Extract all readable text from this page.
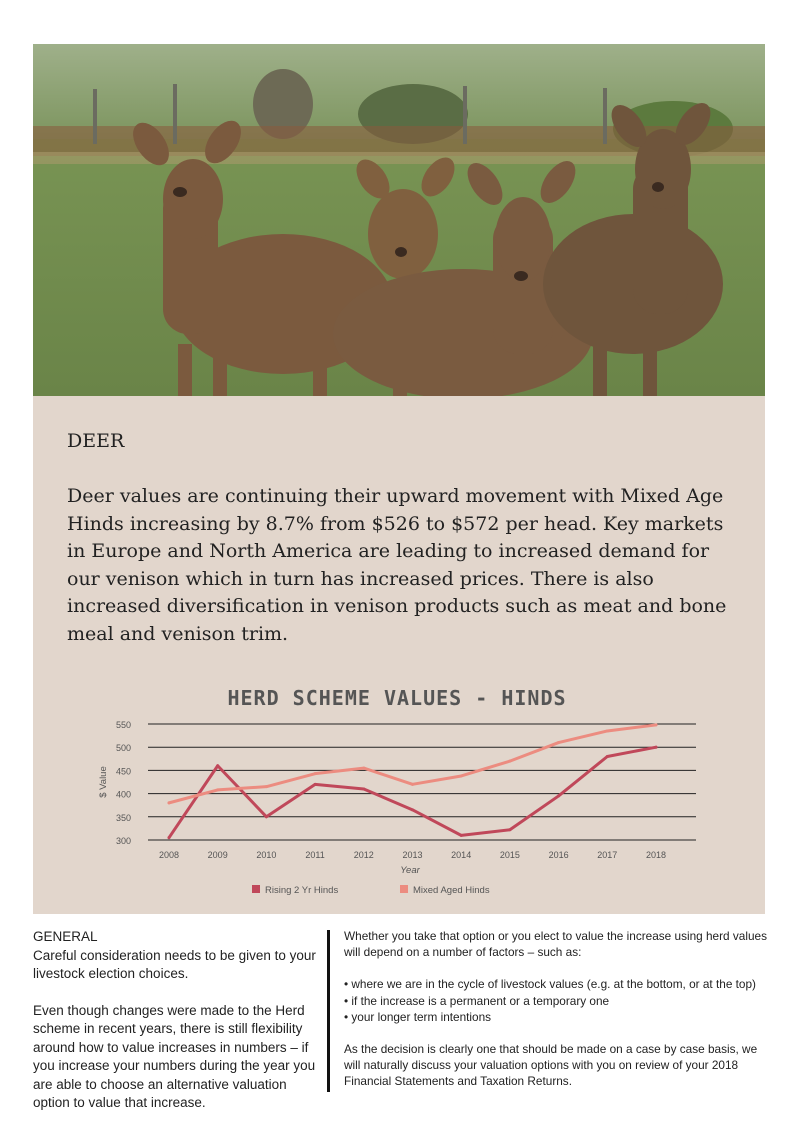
DEER
Deer values are continuing their upward movement with Mixed Age Hinds increasing by 8.7% from $526 to $572 per head. Key markets in Europe and North America are leading to increased demand for our venison which in turn has increased prices. There is also increased diversification in venison products such as meat and bone meal and venison trim.
HERD SCHEME VALUES - HINDS
300
350
400
450
500
550
2008	2009	2010	2011	2012	2013	2014	2015	2016	2017	2018
Year
$ Value
Rising 2 Yr Hinds	Mixed Aged Hinds
GENERAL

Careful consideration needs to be given to your livestock election choices.

Even though changes were made to the Herd scheme in recent years, there is still flexibility around how to value increases in numbers – if you increase your numbers during the year you are able to choose an alternative valuation option to value that increase.

Whether you take that option or you elect to value the increase using herd values will depend on a number of factors – such as:

• where we are in the cycle of livestock values (e.g. at the bottom, or at the top)
• if the increase is a permanent or a temporary one
• your longer term intentions

As the decision is clearly one that should be made on a case by case basis, we will naturally discuss your valuation options with you on review of your 2018 Financial Statements and Taxation Returns.
